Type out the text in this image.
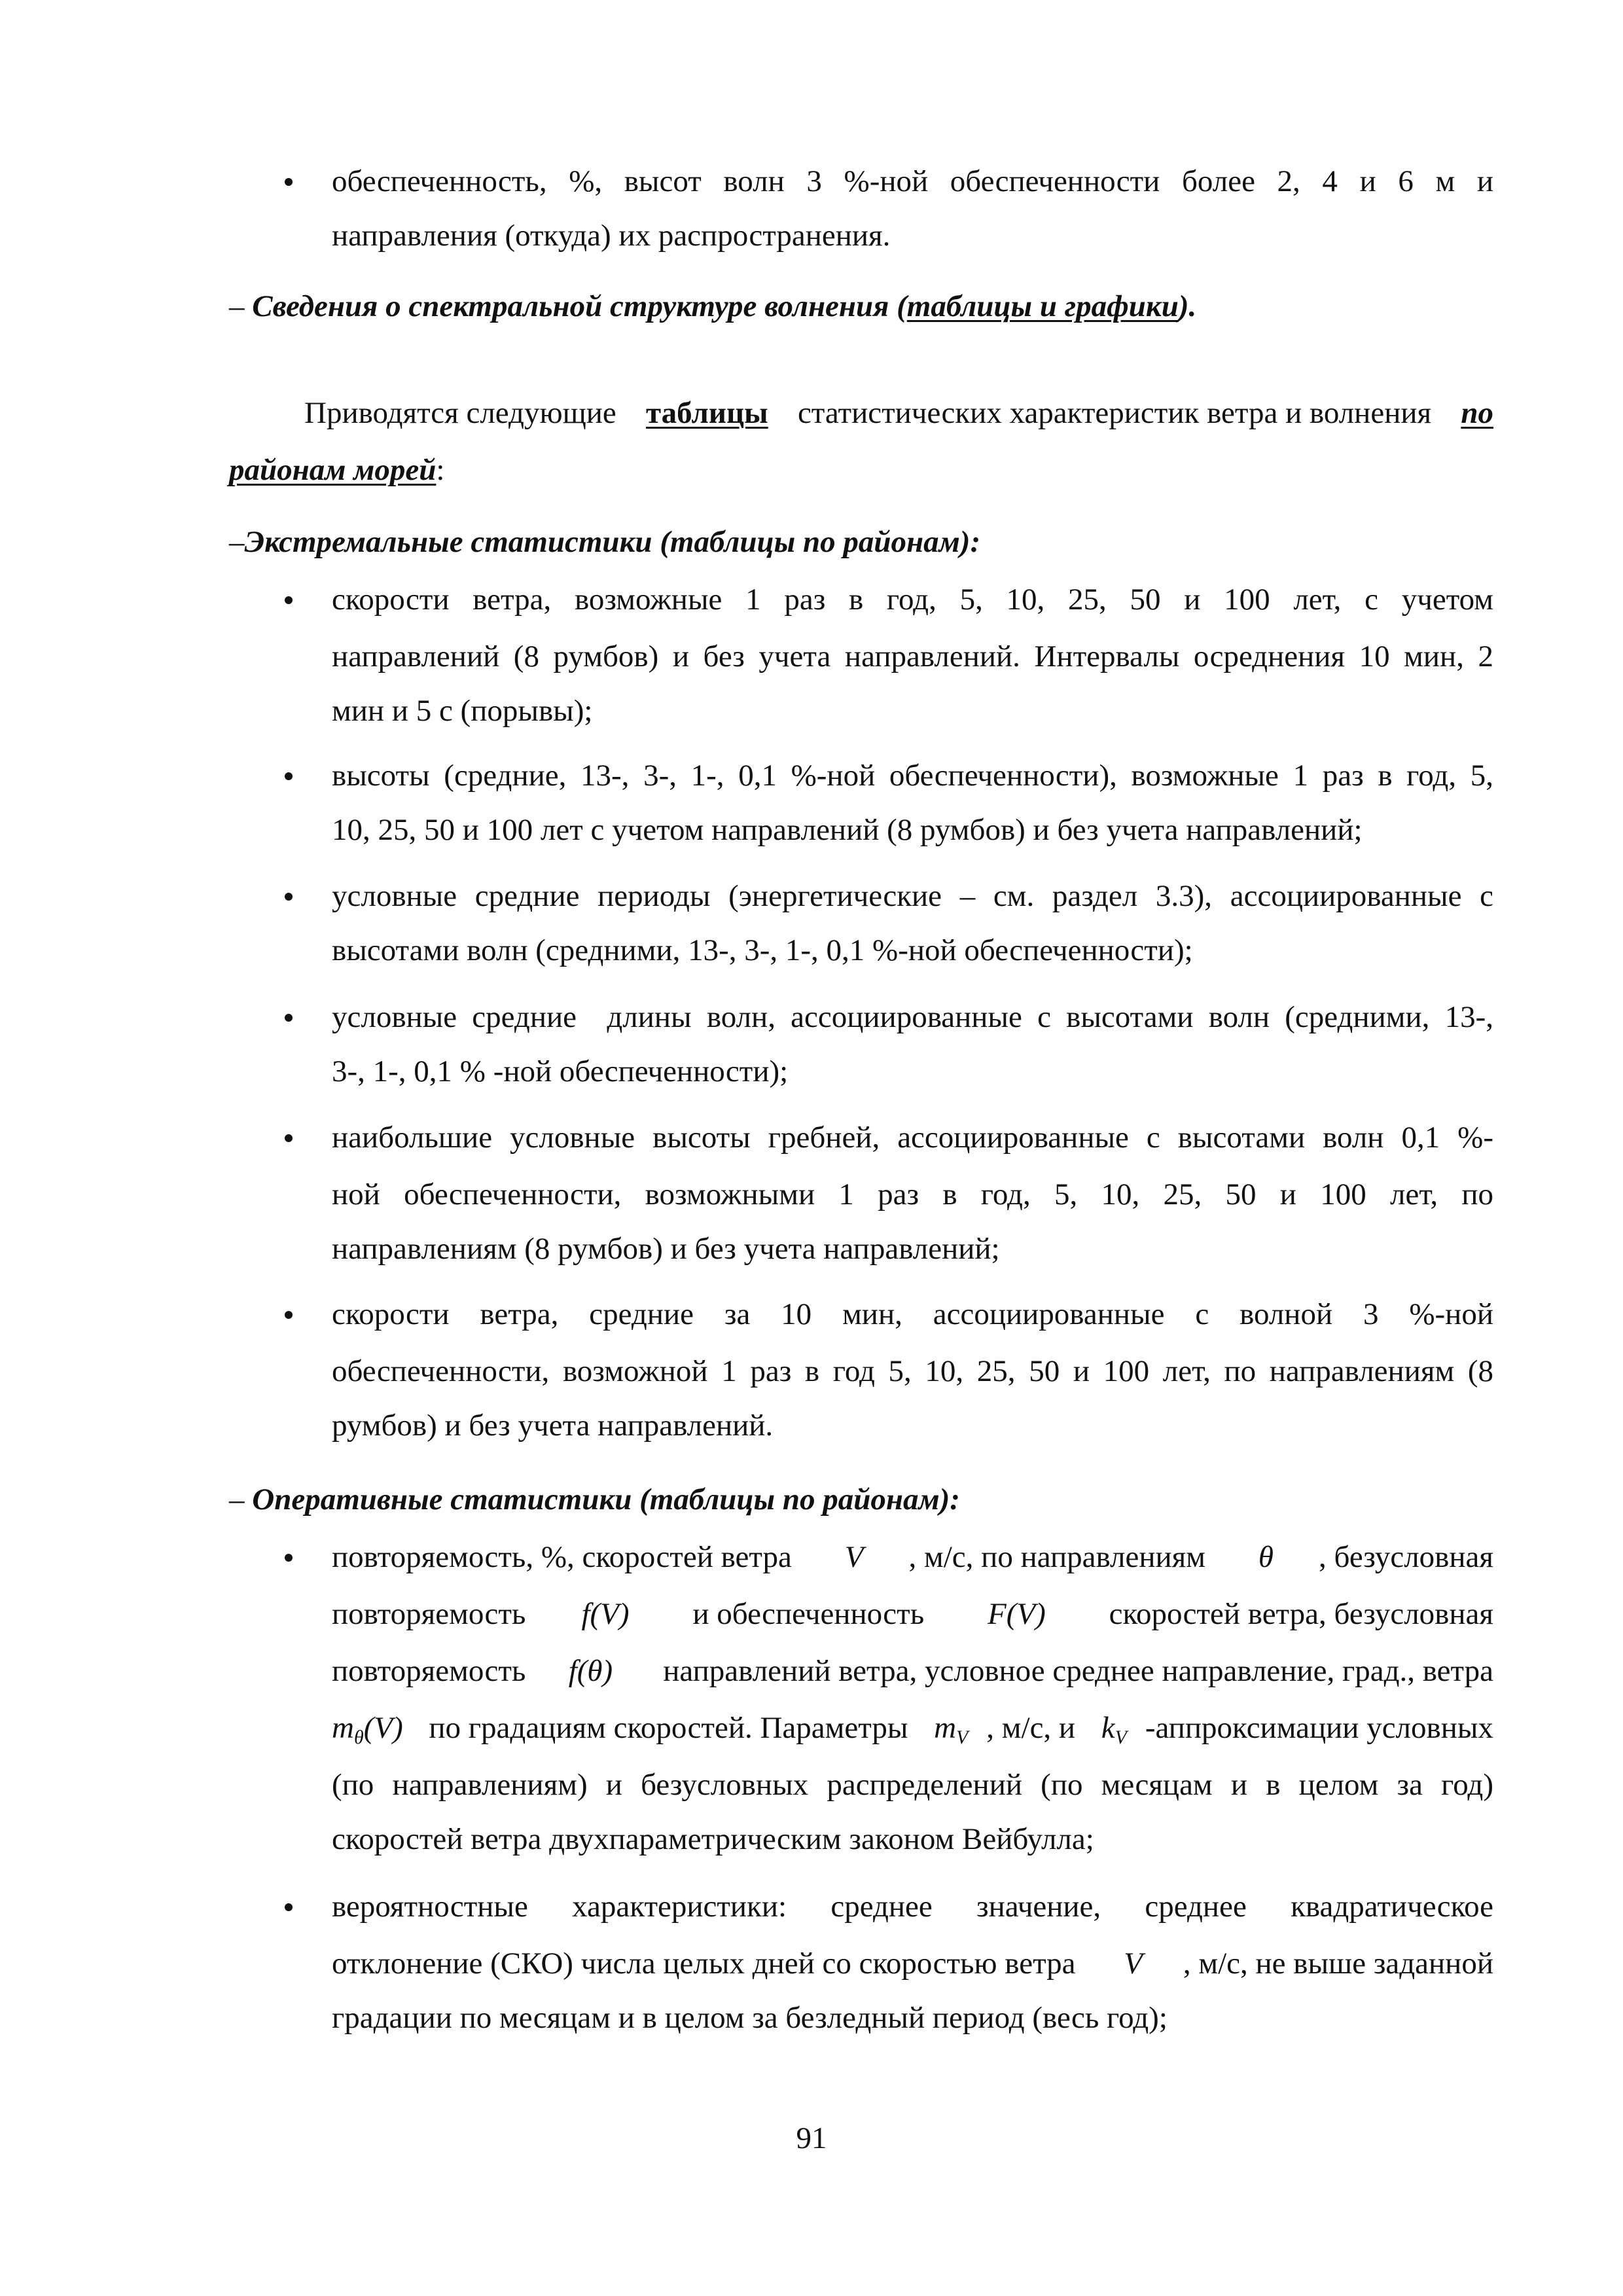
обеспеченность, %, высот волн 3 %-ной обеспеченности более 2, 4 и 6 м и
направления (откуда) их распространения.
– Сведения о спектральной структуре волнения (таблицы и графики).
Приводятся следующие таблицы статистических характеристик ветра и волнения по
районам морей:
–Экстремальные статистики (таблицы по районам):
скорости ветра, возможные 1 раз в год, 5, 10, 25, 50 и 100 лет, с учетом
направлений (8 румбов) и без учета направлений. Интервалы осреднения 10 мин, 2
мин и 5 с (порывы);
высоты (средние, 13-, 3-, 1-, 0,1 %-ной обеспеченности), возможные 1 раз в год, 5,
10, 25, 50 и 100 лет с учетом направлений (8 румбов) и без учета направлений;
условные средние периоды (энергетические – см. раздел 3.3), ассоциированные с
высотами волн (средними, 13-, 3-, 1-, 0,1 %-ной обеспеченности);
условные средние  длины волн, ассоциированные с высотами волн (средними, 13-,
3-, 1-, 0,1 % -ной обеспеченности);
наибольшие условные высоты гребней, ассоциированные с высотами волн 0,1 %-
ной обеспеченности, возможными 1 раз в год, 5, 10, 25, 50 и 100 лет, по
направлениям (8 румбов) и без учета направлений;
скорости ветра, средние за 10 мин, ассоциированные с волной 3 %-ной
обеспеченности, возможной 1 раз в год 5, 10, 25, 50 и 100 лет, по направлениям (8
румбов) и без учета направлений.
– Оперативные статистики (таблицы по районам):
повторяемость, %, скоростей ветра V , м/с, по направлениям θ , безусловная
повторяемость f(V) и обеспеченность F(V) скоростей ветра, безусловная
повторяемость f(θ) направлений ветра, условное среднее направление, град., ветра
$m_\theta(V)$ по градациям скоростей. Параметры $m_V$ , м/с, и $k_V$ -аппроксимации условных
(по направлениям) и безусловных распределений (по месяцам и в целом за год)
скоростей ветра двухпараметрическим законом Вейбулла;
вероятностные характеристики: среднее значение, среднее квадратическое
отклонение (СКО) числа целых дней со скоростью ветра V , м/с, не выше заданной
градации по месяцам и в целом за безледный период (весь год);
91
